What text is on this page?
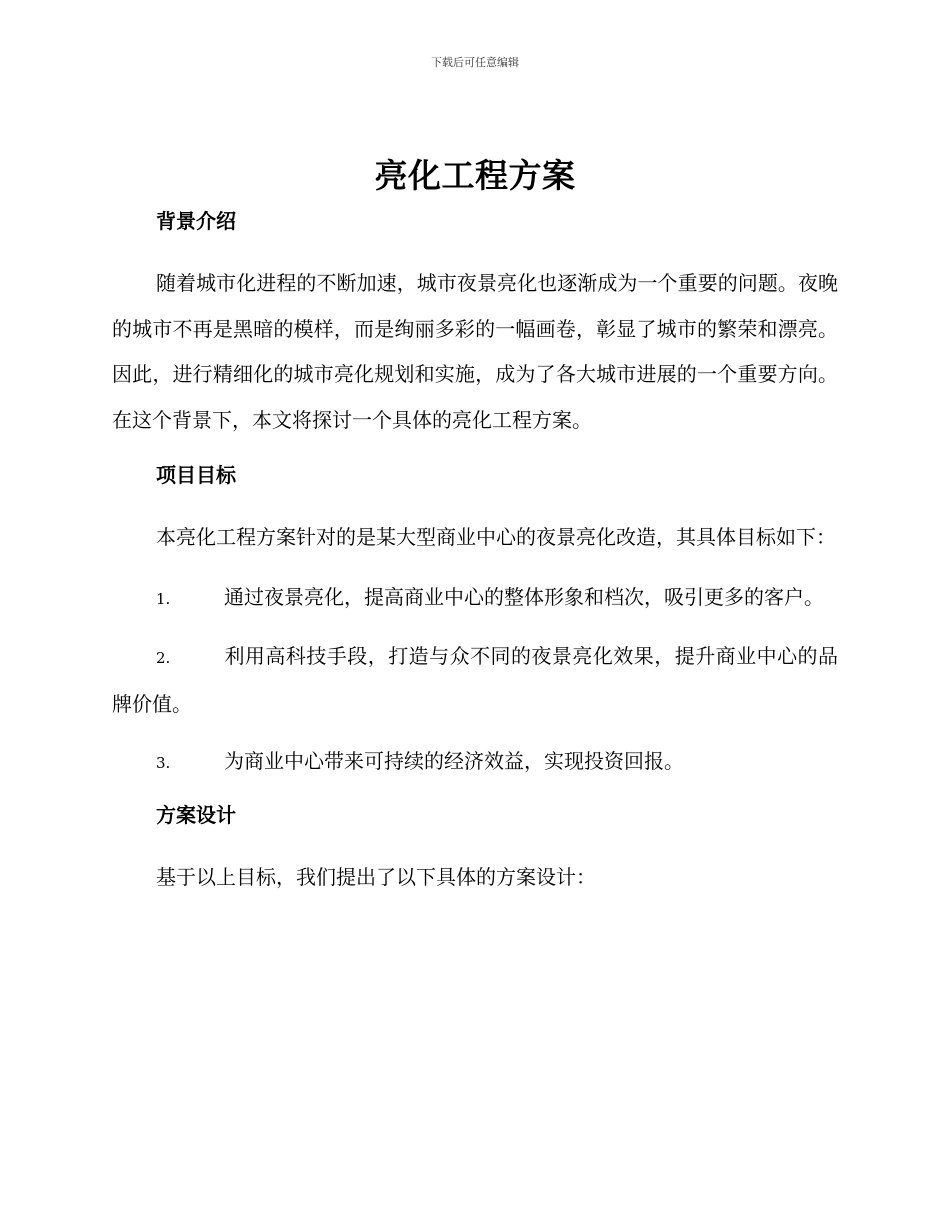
下载后可任意编辑
亮化工程方案
背景介绍

随着城市化进程的不断加速，城市夜景亮化也逐渐成为一个重要的问题。夜晚的城市不再是黑暗的模样，而是绚丽多彩的一幅画卷，彰显了城市的繁荣和漂亮。因此，进行精细化的城市亮化规划和实施，成为了各大城市进展的一个重要方向。在这个背景下，本文将探讨一个具体的亮化工程方案。

项目目标

本亮化工程方案针对的是某大型商业中心的夜景亮化改造，其具体目标如下：

1.	通过夜景亮化，提高商业中心的整体形象和档次，吸引更多的客户。
2.	利用高科技手段，打造与众不同的夜景亮化效果，提升商业中心的品牌价值。
3.	为商业中心带来可持续的经济效益，实现投资回报。
方案设计

基于以上目标，我们提出了以下具体的方案设计：
